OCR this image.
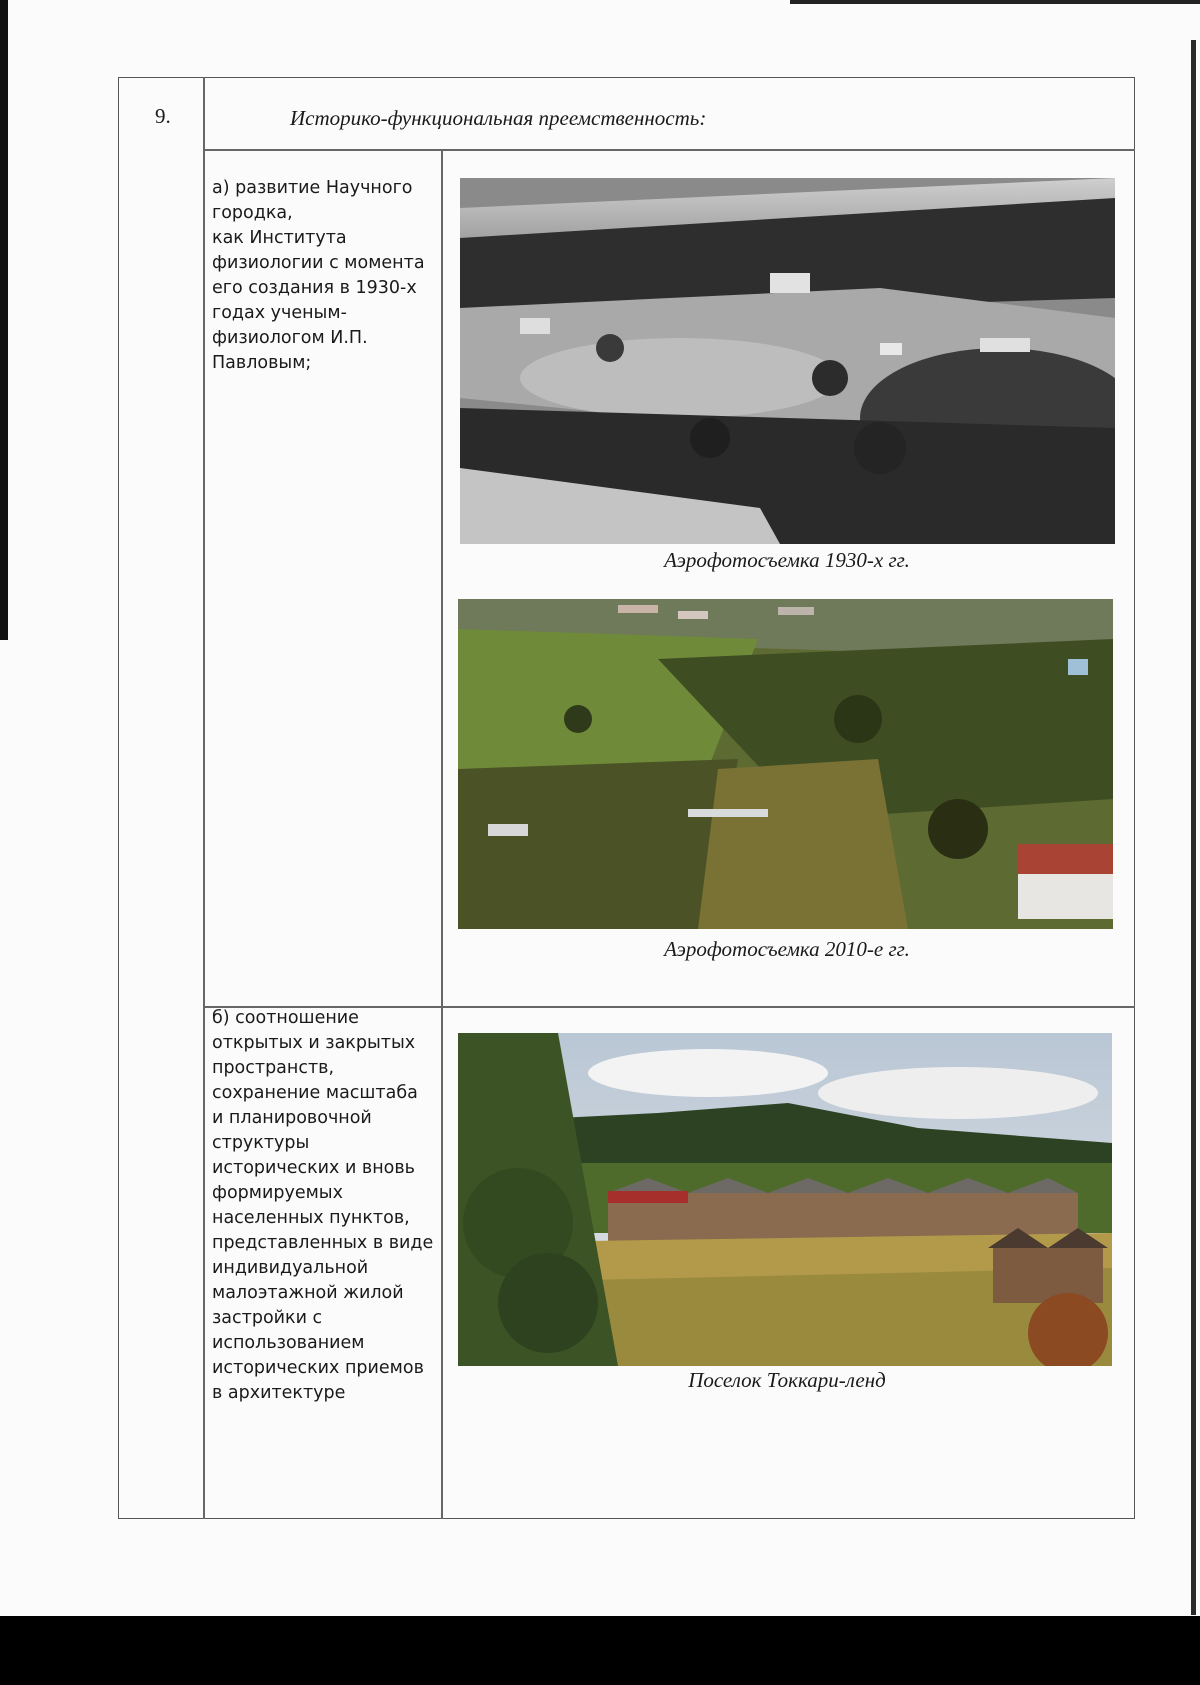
9.	Историко-функциональная преемственность:
а) развитие Научного городка,
как Института физиологии с момента его создания в 1930-х годах ученым- физиологом И.П. Павловым;
б) соотношение открытых и закрытых пространств, сохранение масштаба и планировочной структуры исторических и вновь формируемых населенных пунктов, представленных в виде индивидуальной малоэтажной жилой застройки с использованием исторических приемов в архитектуре
Аэрофотосъемка 1930-х гг.
Аэрофотосъемка 2010-е гг.
Поселок Токкари-ленд
